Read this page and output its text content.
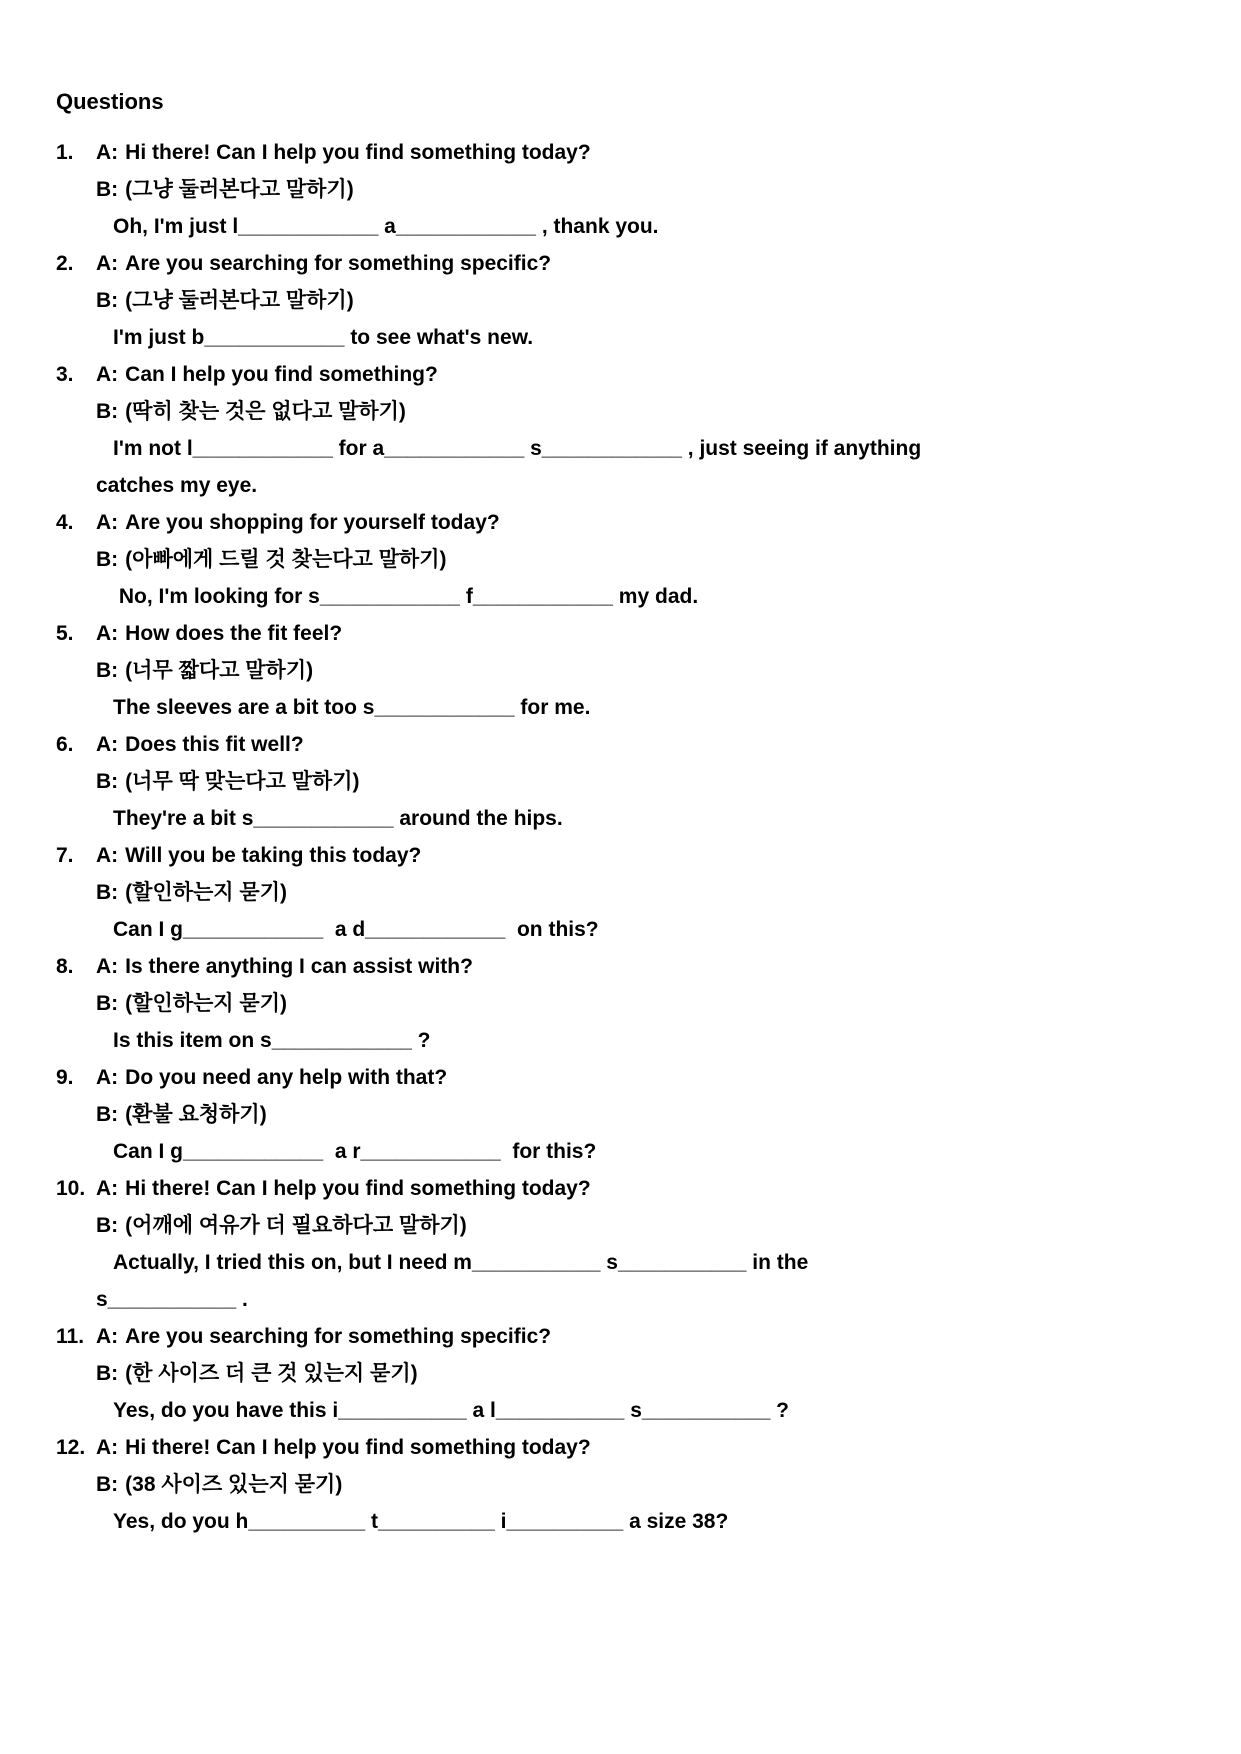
Questions
1.	A: Hi there! Can I help you find something today?
B: (그냥 둘러본다고 말하기)
Oh, I'm just l____________ a____________ , thank you.
2.	A: Are you searching for something specific?
B: (그냥 둘러본다고 말하기)
I'm just b____________ to see what's new.
3.	A: Can I help you find something?
B: (딱히 찾는 것은 없다고 말하기)
I'm not l____________ for a____________ s____________ , just seeing if anything
catches my eye.
4.	A: Are you shopping for yourself today?
B: (아빠에게 드릴 것 찾는다고 말하기)
No, I'm looking for s____________ f____________ my dad.
5.	A: How does the fit feel?
B: (너무 짧다고 말하기)
The sleeves are a bit too s____________ for me.
6.	A: Does this fit well?
B: (너무 딱 맞는다고 말하기)
They're a bit s____________ around the hips.
7.	A: Will you be taking this today?
B: (할인하는지 묻기)
Can I g____________  a d____________  on this?
8.	A: Is there anything I can assist with?
B: (할인하는지 묻기)
Is this item on s____________ ?
9.	A: Do you need any help with that?
B: (환불 요청하기)
Can I g____________  a r____________  for this?
10. A: Hi there! Can I help you find something today?
B: (어깨에 여유가 더 필요하다고 말하기)
Actually, I tried this on, but I need m___________ s___________ in the
s___________ .
11. A: Are you searching for something specific?
B: (한 사이즈 더 큰 것 있는지 묻기)
Yes, do you have this i___________ a l___________ s___________ ?
12. A: Hi there! Can I help you find something today?
B: (38 사이즈 있는지 묻기)
Yes, do you h__________ t__________ i__________ a size 38?
